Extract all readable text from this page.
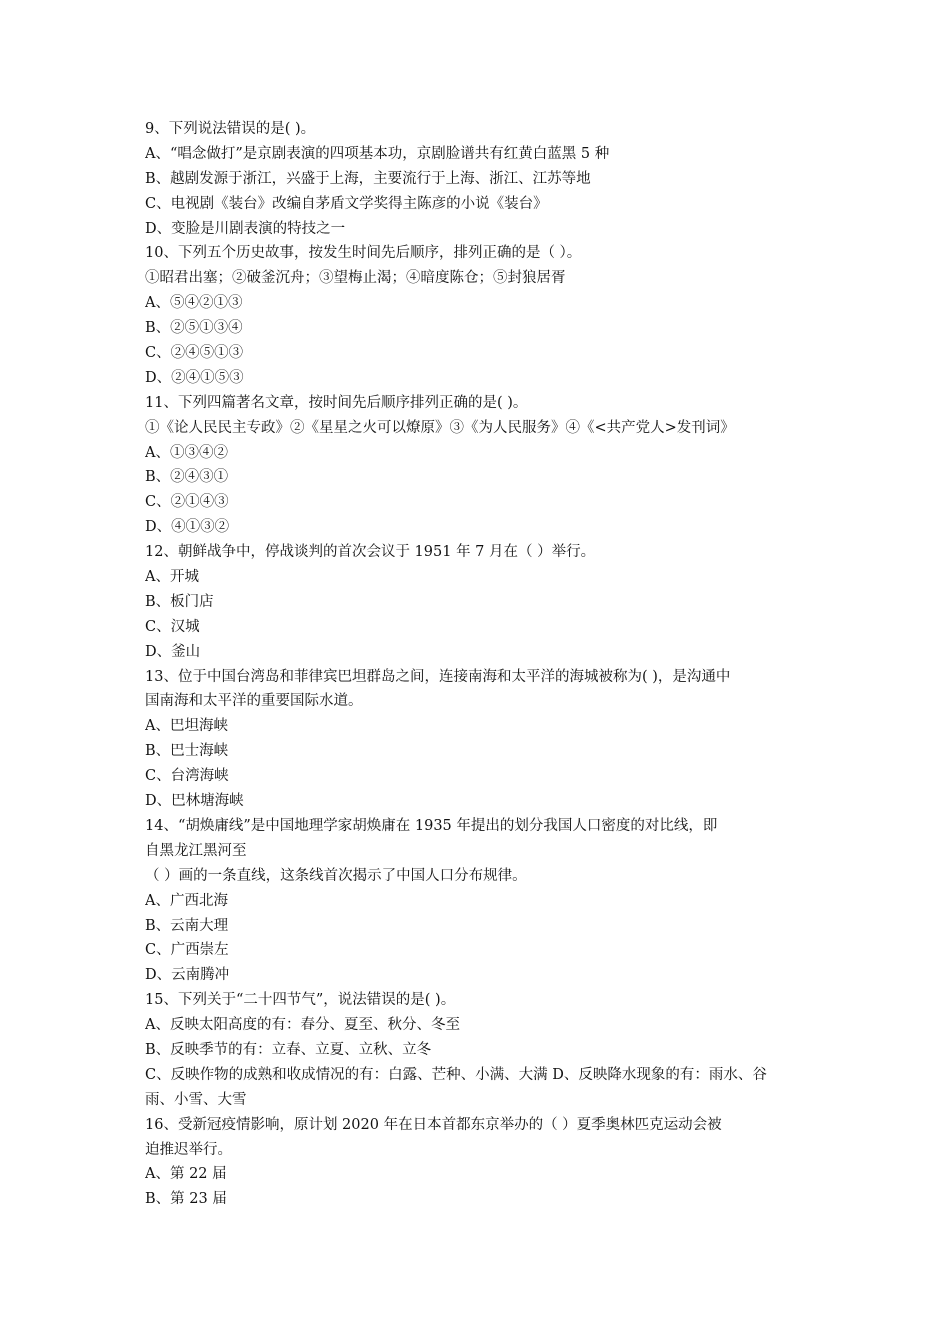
9、下列说法错误的是( )。
A、“唱念做打”是京剧表演的四项基本功，京剧脸谱共有红黄白蓝黑 5 种
B、越剧发源于浙江，兴盛于上海，主要流行于上海、浙江、江苏等地
C、电视剧《装台》改编自茅盾文学奖得主陈彦的小说《装台》
D、变脸是川剧表演的特技之一
10、下列五个历史故事，按发生时间先后顺序，排列正确的是（ ）。
①昭君出塞；②破釜沉舟；③望梅止渴；④暗度陈仓；⑤封狼居胥
A、⑤④②①③
B、②⑤①③④
C、②④⑤①③
D、②④①⑤③
11、下列四篇著名文章，按时间先后顺序排列正确的是( )。
①《论人民民主专政》②《星星之火可以燎原》③《为人民服务》④《<共产党人>发刊词》
A、①③④②
B、②④③①
C、②①④③
D、④①③②
12、朝鲜战争中，停战谈判的首次会议于 1951 年 7 月在（ ）举行。
A、开城
B、板门店
C、汉城
D、釜山
13、位于中国台湾岛和菲律宾巴坦群岛之间，连接南海和太平洋的海城被称为( )，是沟通中
国南海和太平洋的重要国际水道。
A、巴坦海峡
B、巴士海峡
C、台湾海峡
D、巴林塘海峡
14、“胡焕庸线”是中国地理学家胡焕庸在 1935 年提出的划分我国人口密度的对比线，即
自黑龙江黑河至
（ ）画的一条直线，这条线首次揭示了中国人口分布规律。
A、广西北海
B、云南大理
C、广西崇左
D、云南腾冲
15、下列关于“二十四节气”，说法错误的是( )。
A、反映太阳高度的有：春分、夏至、秋分、冬至
B、反映季节的有：立春、立夏、立秋、立冬
C、反映作物的成熟和收成情况的有：白露、芒种、小满、大满 D、反映降水现象的有：雨水、谷
雨、小雪、大雪
16、受新冠疫情影响，原计划 2020 年在日本首都东京举办的（ ）夏季奥林匹克运动会被
迫推迟举行。
A、第 22 届
B、第 23 届
